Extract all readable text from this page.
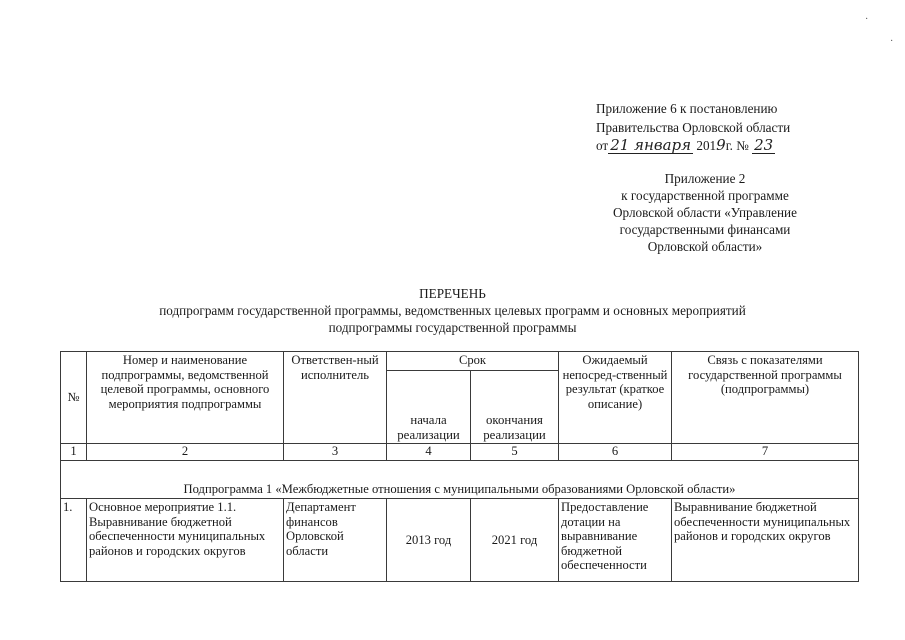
Приложение 6 к постановлению
Правительства Орловской области
от 21 января 2019г. № 23
Приложение 2
к государственной программе
Орловской области «Управление
государственными финансами
Орловской области»
ПЕРЕЧЕНЬ
подпрограмм государственной программы, ведомственных целевых программ и основных мероприятий
подпрограммы государственной программы
№	Номер и наименование подпрограммы, ведомственной целевой программы, основного мероприятия подпрограммы	Ответствен-ный исполнитель	Срок		Ожидаемый непосред-ственный результат (краткое описание)	Связь с показателями государственной программы (подпрограммы)
			начала реализации	окончания реализации		
1	2	3	4	5	6	7
Подпрограмма 1 «Межбюджетные отношения с муниципальными образованиями Орловской области»						
1.	Основное мероприятие 1.1. Выравнивание бюджетной обеспеченности муниципальных районов и городских округов	Департамент финансов Орловской области	2013 год	2021 год	Предоставление дотации на выравнивание бюджетной обеспеченности	Выравнивание бюджетной обеспеченности муниципальных районов и городских округов
·
·
